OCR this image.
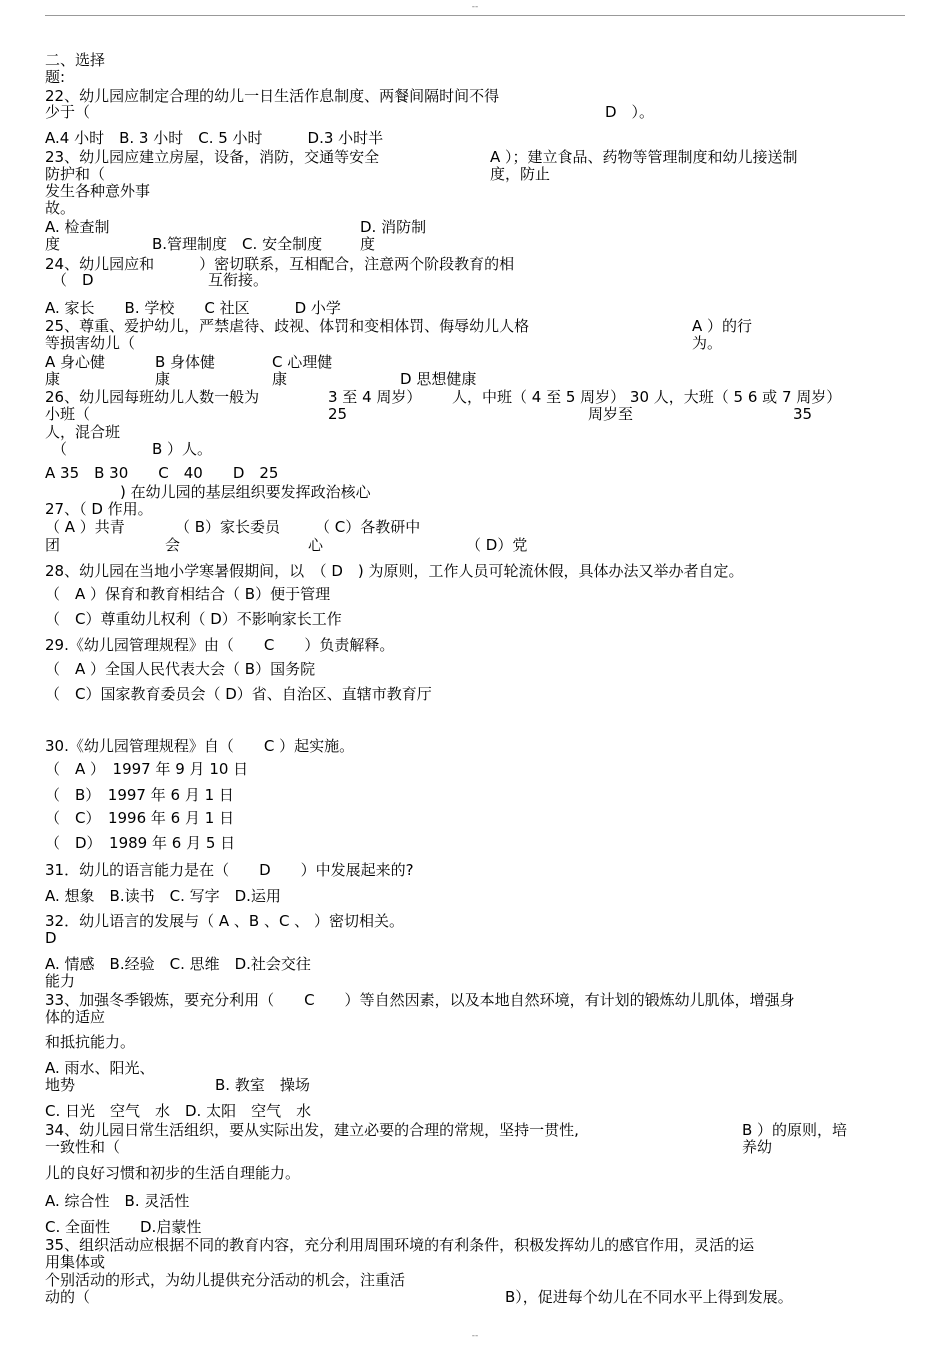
--
二、选择
题:
22、幼儿园应制定合理的幼儿一日生活作息制度、两餐间隔时间不得
少于（	D　）。
A.4 小时　B. 3 小时　C. 5 小时　　　D.3 小时半
23、幼儿园应建立房屋，设备，消防，交通等安全	A ）；建立食品、药物等管理制度和幼儿接送制
防护和（	度，防止
发生各种意外事
故。
A. 检查制	D. 消防制
度	B.管理制度　C. 安全制度	度
24、幼儿园应和　　　）密切联系，互相配合，注意两个阶段教育的相
（　D	互衔接。
A. 家长　　B. 学校　　C 社区　　　D 小学
25、尊重、爱护幼儿，严禁虐待、歧视、体罚和变相体罚、侮辱幼儿人格	A ）的行
等损害幼儿（	为。
A 身心健	B 身体健	C 心理健
康	康	康	D 思想健康
26、幼儿园每班幼儿人数一般为	3 至 4 周岁） 人，中班（ 4 至 5 周岁） 30 人，大班（ 5 6 或 7 周岁）
小班（	25	周岁至	35
人，混合班
（	B ）人。
A 35　B 30　　C　40　　D　25
) 在幼儿园的基层组织要发挥政治核心
27、（ D 作用。
（ A ）共青	（ B）家长委员 （ C）各教研中
团	会	心	（ D）党
28、幼儿园在当地小学寒暑假期间，以　（ D　) 为原则，工作人员可轮流休假，具体办法又举办者自定。
（　A ）保育和教育相结合（ B）便于管理
（　C）尊重幼儿权利（ D）不影响家长工作
29.《幼儿园管理规程》由（　　C　　）负责解释。
（　A ）全国人民代表大会（ B）国务院
（　C）国家教育委员会（ D）省、自治区、直辖市教育厅
30.《幼儿园管理规程》自（　　C ）起实施。
（　A ）　1997 年 9 月 10 日
（　B）　1997 年 6 月 1 日
（　C）　1996 年 6 月 1 日
（　D）　1989 年 6 月 5 日
31．幼儿的语言能力是在（　　D　　）中发展起来的?
A. 想象　B.读书　C. 写字　D.运用
32．幼儿语言的发展与（ A 、B 、C 、 ）密切相关。
D
A. 情感　B.经验　C. 思维　D.社会交往
能力
33、加强冬季锻炼，要充分利用（　　C　　）等自然因素，以及本地自然环境，有计划的锻炼幼儿肌体，增强身
体的适应
和抵抗能力。
A. 雨水、阳光、
地势	B. 教室　操场
C. 日光　空气　水　D. 太阳　空气　水
34、幼儿园日常生活组织，要从实际出发，建立必要的合理的常规，坚持一贯性,	B ）的原则，培
一致性和（	养幼
儿的良好习惯和初步的生活自理能力。
A. 综合性　B. 灵活性
C. 全面性　　D.启蒙性
35、组织活动应根据不同的教育内容，充分利用周围环境的有利条件，积极发挥幼儿的感官作用，灵活的运
用集体或
个别活动的形式，为幼儿提供充分活动的机会，注重活
动的（	B），促进每个幼儿在不同水平上得到发展。
--
